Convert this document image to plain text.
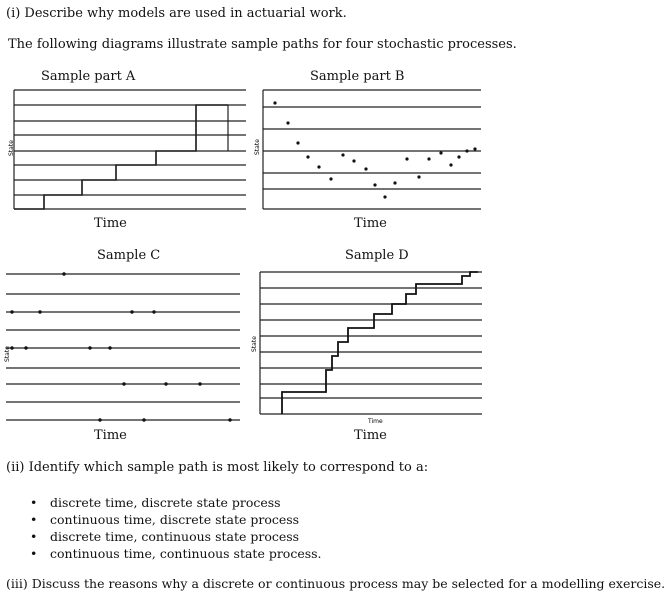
(i) Describe why models are used in actuarial work.
The following diagrams illustrate sample paths for four stochastic processes.
Sample part A	Sample part B
State
Time
State
Time
Sample C	Sample D
State
Time
State
Time
Time
(ii) Identify which sample path is most likely to correspond to a:
• discrete time, discrete state process
• continuous time, discrete state process
• discrete time, continuous state process
• continuous time, continuous state process.
(iii) Discuss the reasons why a discrete or continuous process may be selected for a modelling exercise.
